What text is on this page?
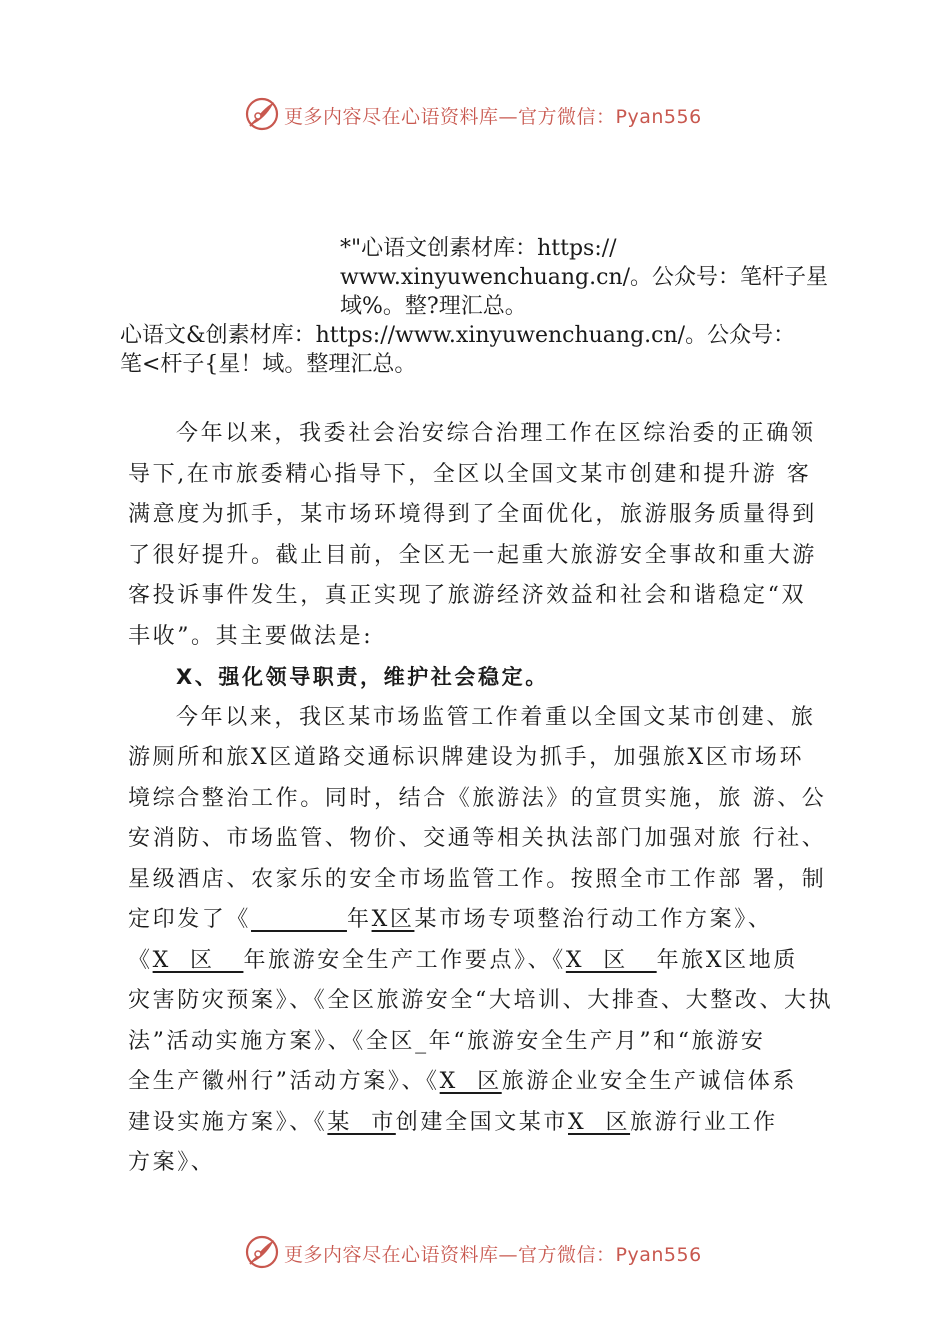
更多内容尽在心语资料库—官方微信：Pyan556
*"心语文创素材库：https://
www.xinyuwenchuang.cn/。公众号：笔杆子星
域%。整?理汇总。
心语文&创素材库：https://www.xinyuwenchuang.cn/。公众号：
笔<杆子{星！域。整理汇总。
今年以来，我委社会治安综合治理工作在区综治委的正确领
导下,在市旅委精心指导下，全区以全国文某市创建和提升游 客
满意度为抓手，某市场环境得到了全面优化，旅游服务质量得到
了很好提升。截止目前，全区无一起重大旅游安全事故和重大游
客投诉事件发生，真正实现了旅游经济效益和社会和谐稳定“双
丰收”。其主要做法是:
X、强化领导职责，维护社会稳定。
今年以来，我区某市场监管工作着重以全国文某市创建、旅
游厕所和旅X区道路交通标识牌建设为抓手，加强旅X区市场环
境综合整治工作。同时，结合《旅游法》的宣贯实施，旅 游、公
安消防、市场监管、物价、交通等相关执法部门加强对旅 行社、
星级酒店、农家乐的安全市场监管工作。按照全市工作部 署，制
定印发了《	年X区某市场专项整治行动工作方案》、
《X  区   年旅游安全生产工作要点》、《X  区   年旅X区地质
灾害防灾预案》、《全区旅游安全“大培训、大排查、大整改、大执
法”活动实施方案》、《全区_年“旅游安全生产月”和“旅游安
全生产徽州行”活动方案》、《X  区旅游企业安全生产诚信体系
建设实施方案》、《某  市创建全国文某市X  区旅游行业工作
方案》、
更多内容尽在心语资料库—官方微信：Pyan556
